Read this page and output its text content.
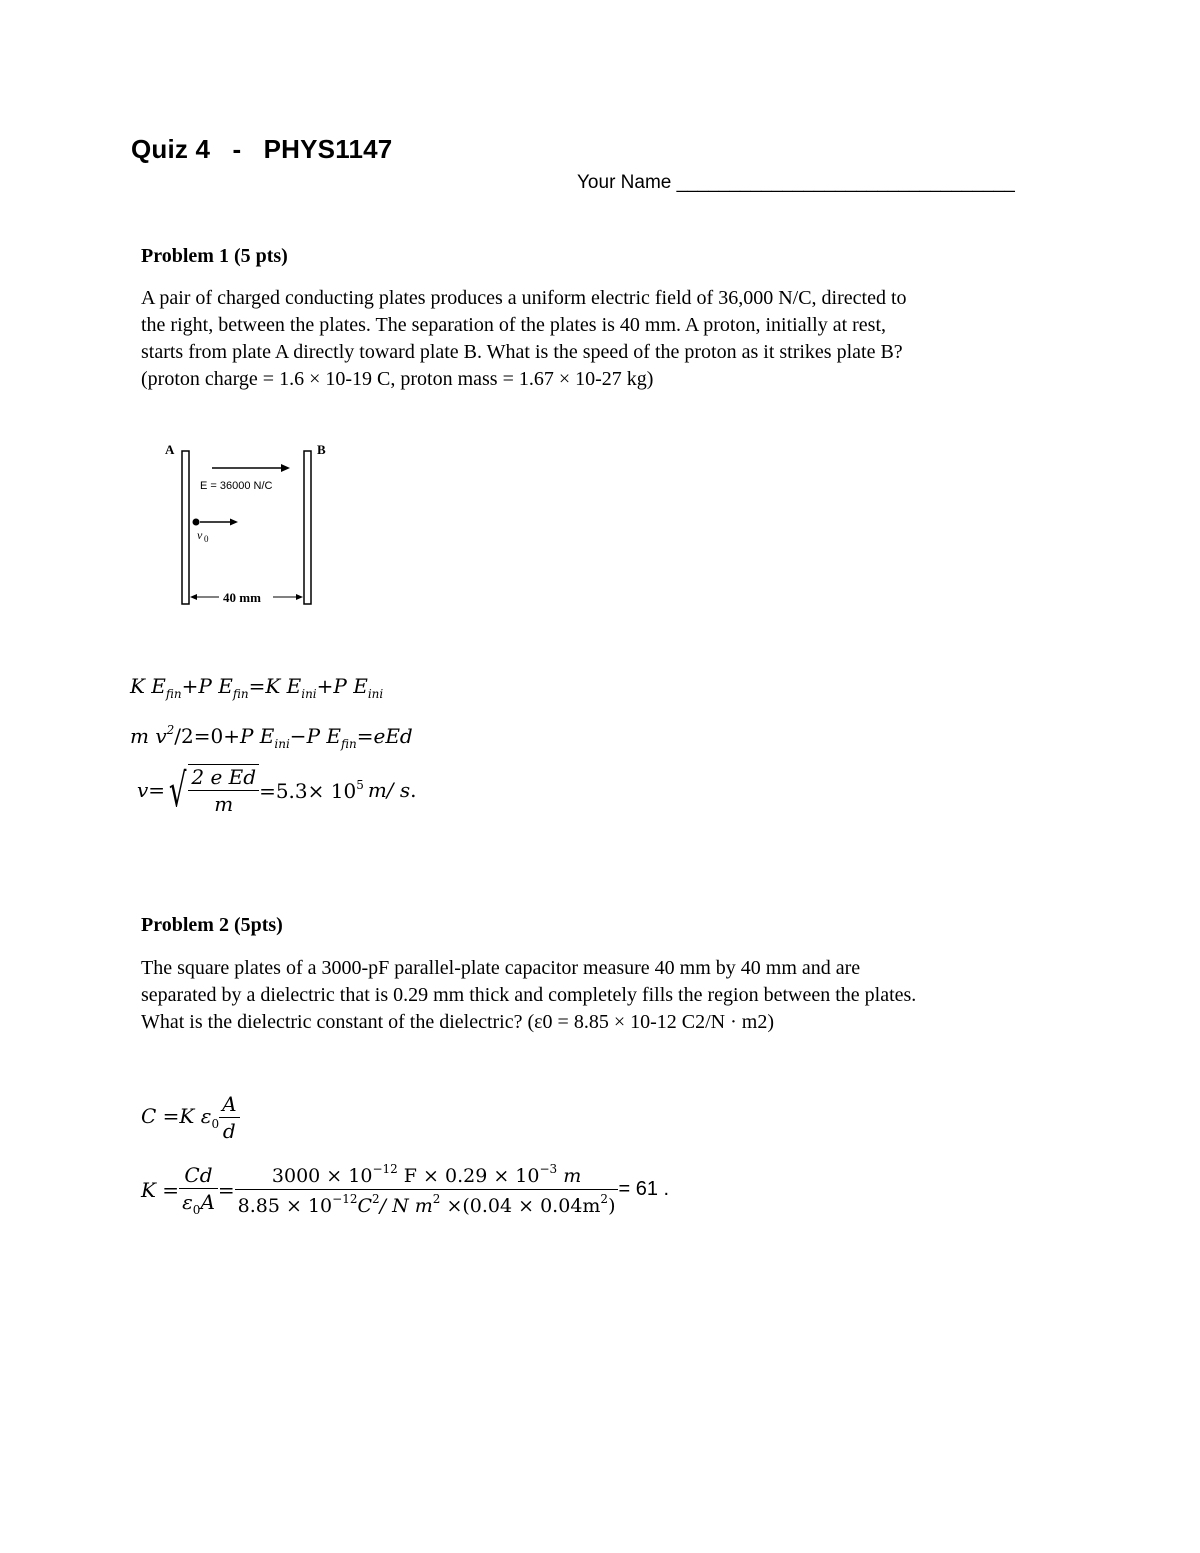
Quiz 4   -   PHYS1147
Your Name ________________________________
Problem 1 (5 pts)
A pair of charged conducting plates produces a uniform electric field of 36,000 N/C, directed to
the right, between the plates. The separation of the plates is 40 mm. A proton, initially at rest,
starts from plate A directly toward plate B. What is the speed of the proton as it strikes plate B?
(proton charge = 1.6 × 10-19 C, proton mass = 1.67 × 10-27 kg)
A	B
E = 36000 N/C
v 0
40 mm
K $E_{fin}+P$ $E_{fin}=K$ $E_{ini}+P$ $E_{ini}$
m $v^2/2=0+P$ $E_{ini}-P$ $E_{fin}=eEd$
$v=√ \frac{\text{2 e Ed}}{m} =5.3\times 10^5$ m/ s.
Problem 2 (5pts)
The square plates of a 3000-pF parallel-plate capacitor measure 40 mm by 40 mm and are
separated by a dielectric that is 0.29 mm thick and completely fills the region between the plates.
What is the dielectric constant of the dielectric? (ε0 = 8.85 × 10-12 C2/N · m2)
C =K $\varepsilon_0 \frac{A}{d}$
$K = \frac{Cd}{\varepsilon_0A} = \frac{3000 \times 10^{-12} F \times 0.29 \times 10^{-3} m}{8.85 \times 10^{-12}C^2/ N m^2 \times(0.04 \times 0.04m^2)} = 61$ .
